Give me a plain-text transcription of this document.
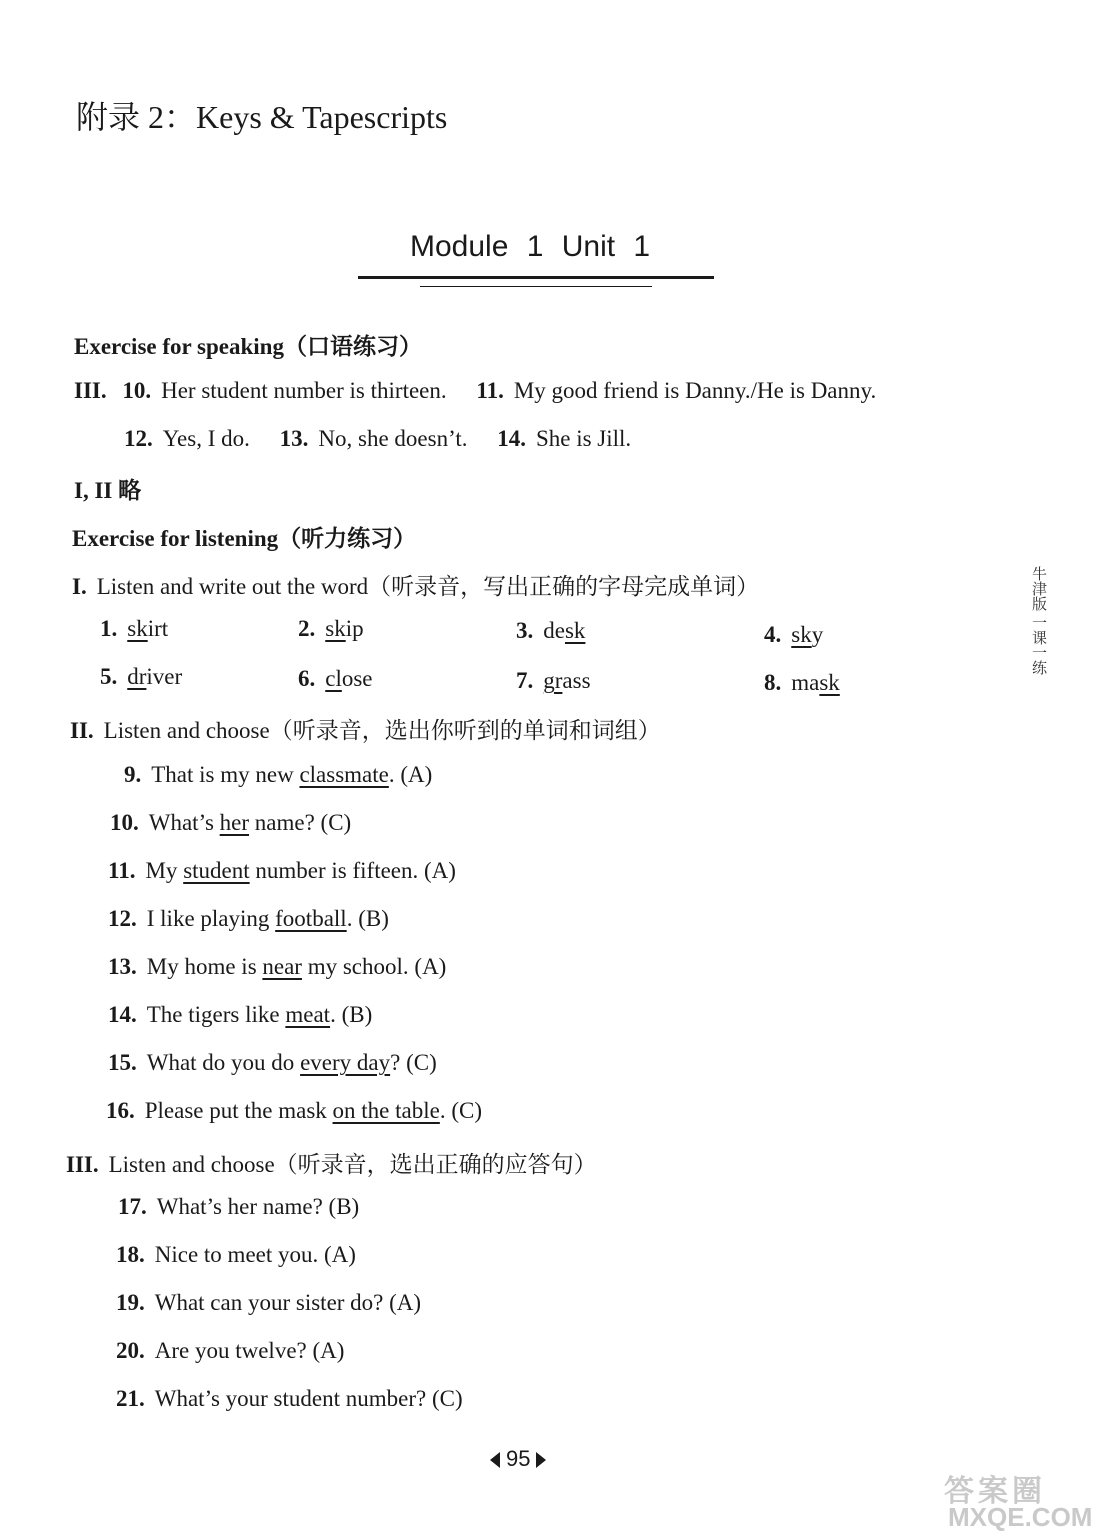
附录 2：Keys & Tapescripts
Module 1 Unit 1
Exercise for speaking（口语练习）
III. 10. Her student number is thirteen. 11. My good friend is Danny./He is Danny.
12. Yes, I do. 13. No, she doesn’t. 14. She is Jill.
I, II 略
Exercise for listening（听力练习）
I. Listen and write out the word（听录音，写出正确的字母完成单词）
1. skirt	2. skip	3. desk	4. sky
5. driver	6. close	7. grass	8. mask
II. Listen and choose（听录音，选出你听到的单词和词组）
9. That is my new classmate. (A)
10. What’s her name? (C)
11. My student number is fifteen. (A)
12. I like playing football. (B)
13. My home is near my school. (A)
14. The tigers like meat. (B)
15. What do you do every day? (C)
16. Please put the mask on the table. (C)
III. Listen and choose（听录音，选出正确的应答句）
17. What’s her name? (B)
18. Nice to meet you. (A)
19. What can your sister do? (A)
20. Are you twelve? (A)
21. What’s your student number? (C)
牛津版 一课一练
95
答案圈
MXQE.COM
